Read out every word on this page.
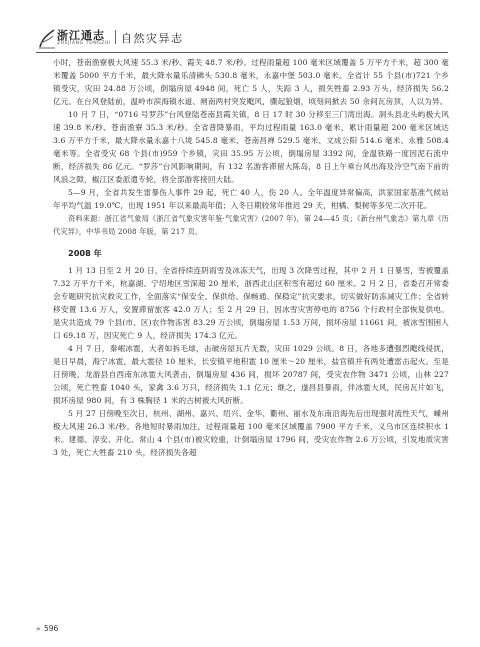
浙江通志
ZHEJIANG TONGZHI 自然灾异志

小时，苍南渔寮极大风速 55.3 米/秒、霞关 48.7 米/秒。过程雨量超 100 毫米区域覆盖 5 万平方千米，超 300 毫米覆盖 5000 平方千米，最大降水量乐清砩头 530.8 毫米，永嘉中堡 503.0 毫米。全省计 55 个县(市)721 个乡镇受灾，灾田 24.88 万公顷，倒塌房屋 4948 间，死亡 5 人，失踪 3 人，损失牲畜 2.93 万头，经济损失 56.2 亿元。在台风登陆前，温岭市滨海镇水道、闸南两村突发飑风，骤起狼烟，顷刻间掀去 50 余间瓦房顶，人以为异。

10 月 7 日，“0716 号罗莎”台风登陆苍南县霞关镇，8 日 17 时 30 分移至三门湾出海。洞头县北头屿极大风速 39.8 米/秒、苍南渔寮 35.3 米/秒。全省普降暴雨，平均过程雨量 163.0 毫米，累计雨量超 200 毫米区域达 3.6 万平方千米，最大降水量永嘉十八垅 545.8 毫米、苍南昌禅 529.5 毫米、文成公阳 514.6 毫米、永雅 508.4 毫米等。全省受灾 68 个县(市)959 个乡镇，灾田 35.95 万公顷，倒塌房屋 3392 间，金温铁路一度因泥石流中断，经济损失 86 亿元。“罗莎”台风影响期间，有 132 名游客滞留大陈岛，8 日上午乘台风出海及冷空气南下前的风浪之隙，椒江区委派遣专轮，将全部游客接回大陆。

5—9 月，全省共发生雷暴伤人事件 29 起，死亡 40 人，伤 20 人。全年温度异常偏高，洪家国家基准气候站年平均气温 19.0℃，出现 1951 年以来最高年值；入冬日期较常年推迟 29 天，柑橘、梨树等多见二次开花。

资料来源：浙江省气象局《浙江省气象灾害年鉴·气象灾害》(2007 年)，第 24—45 页；《新台州气象志》第九章《历代灾异》，中华书局 2008 年版，第 217 页。

2008 年

1 月 13 日至 2 月 20 日，全省持续连阴雨雪及冰冻天气，出现 3 次降雪过程，其中 2 月 1 日暴雪，雪被覆盖 7.32 万平方千米，杭嘉湖、宁绍地区雪深超 20 厘米，浙西北山区积雪有超过 60 厘米。2 月 2 日，省委召开常委会专题研究抗灾救灾工作，全面落实“保安全、保供给、保畅通、保稳定”抗灾要求，切实做好防冻减灾工作；全省转移安置 13.6 万人，安置滞留旅客 42.0 万人；至 2 月 29 日，因冰雪灾害停电的 8756 个行政村全部恢复供电。是灾共造成 79 个县(市、区)农作物冻害 83.29 万公顷，倒塌房屋 1.53 万间，损坏房屋 11661 间，被冰雪围困人口 69.18 万，因灾死亡 9 人，经济损失 174.3 亿元。

4 月 7 日，秦岷冰雹，大者如拆毛球，击破房屋瓦片无数，灾田 1029 公顷。8 日，各地多遭强烈飑线侵扰，是日早晨，海宁冰雹，最大雹径 10 厘米，长安镇平地积雹 10 厘米～20 厘米，盐官镇并有两处遭雷击起火。至是日傍晚，龙游县自西南东冰雹大风袭击，倒塌房屋 436 间，损坏 20787 间，受灾农作物 3471 公顷，山林 227 公顷，死亡牲畜 1040 头，家禽 3.6 万只，经济损失 1.1 亿元；继之，遂昌县暴雨，伴冰雹大风，民房瓦片如飞，损坏房屋 980 间，有 3 株胸径 1 米的古树被大风折断。

5 月 27 日傍晚至次日，杭州、湖州、嘉兴、绍兴、金华、衢州、丽水及东南沿海先后出现强对流性天气，嵊州极大风速 26.3 米/秒。各地短时暴雨加注，过程雨量超 100 毫米区域覆盖 7900 平方千米，义乌市区连续积水 1 米。建德、淳安、开化、常山 4 个县(市)被灾较重，计倒塌房屋 1796 间，受灾农作物 2.6 万公顷，引发地质灾害 3 处，死亡大牲畜 210 头，经济损失各超

›› 596
